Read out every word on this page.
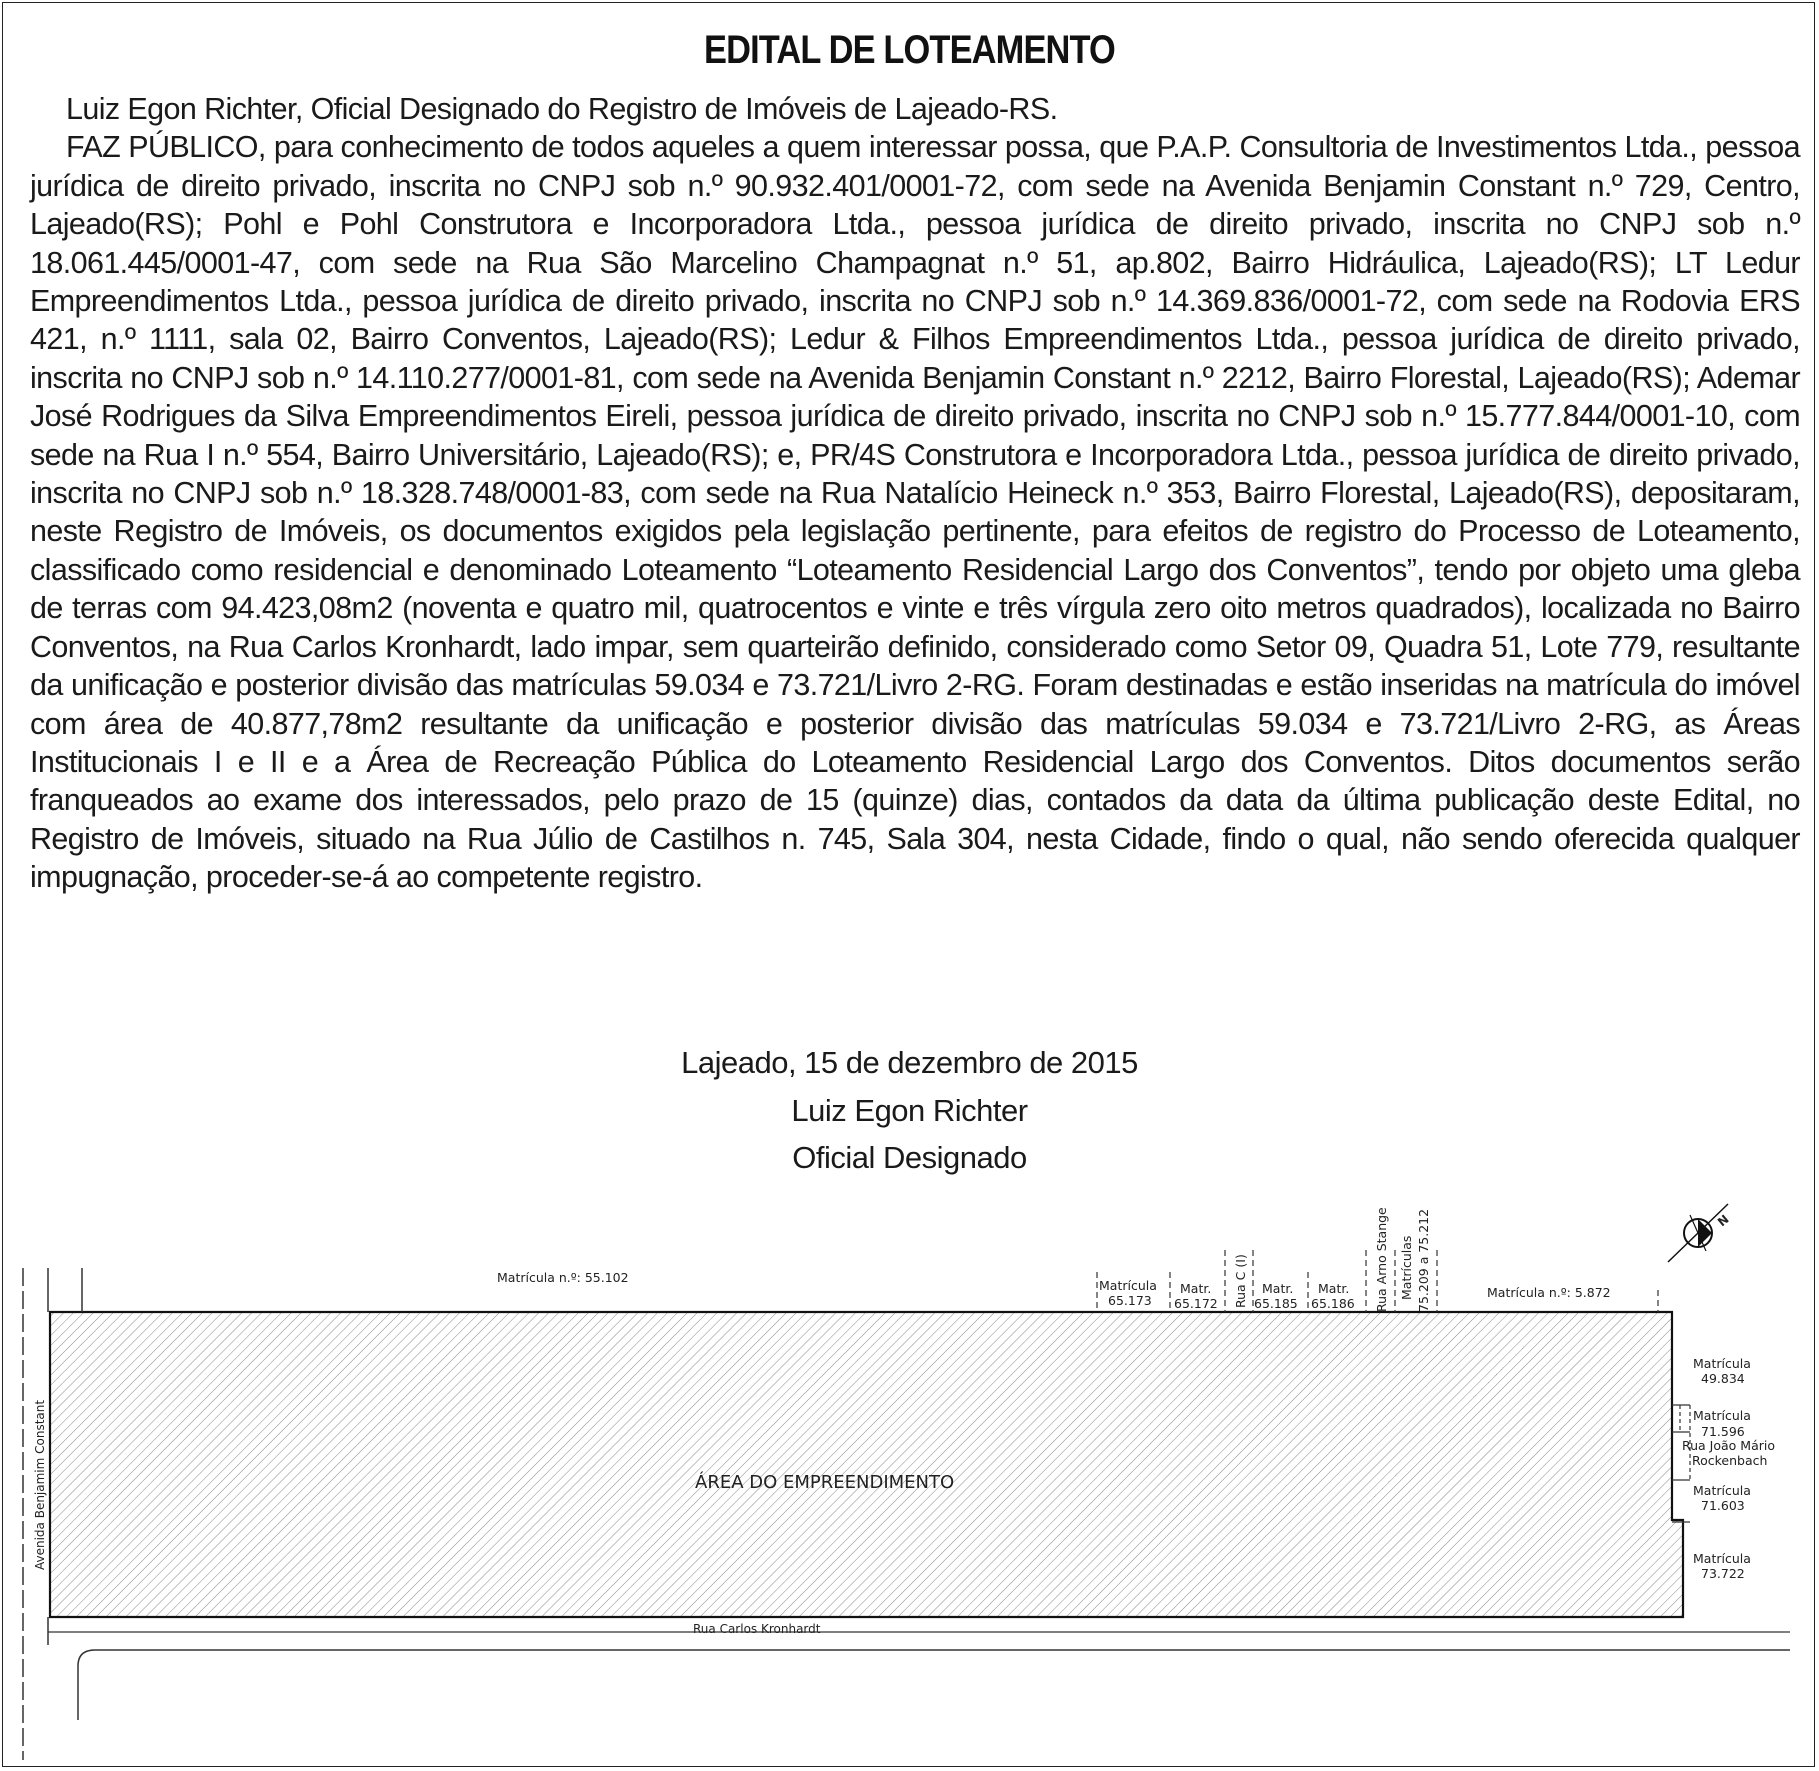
EDITAL DE LOTEAMENTO

Luiz Egon Richter, Oficial Designado do Registro de Imóveis de Lajeado-RS.

FAZ PÚBLICO, para conhecimento de todos aqueles a quem interessar possa, que P.A.P. Consultoria de Investimentos Ltda., pessoa jurídica de direito privado, inscrita no CNPJ sob n.º 90.932.401/0001-72, com sede na Avenida Benjamin Constant n.º 729, Centro, Lajeado(RS); Pohl e Pohl Construtora e Incorporadora Ltda., pessoa jurídica de direito privado, inscrita no CNPJ sob n.º 18.061.445/0001-47, com sede na Rua São Marcelino Champagnat n.º 51, ap.802, Bairro Hidráulica, Lajeado(RS); LT Ledur Empreendimentos Ltda., pessoa jurídica de direito privado, inscrita no CNPJ sob n.º 14.369.836/0001-72, com sede na Rodovia ERS 421, n.º 1111, sala 02, Bairro Conventos, Lajeado(RS); Ledur & Filhos Empreendimentos Ltda., pessoa jurídica de direito privado, inscrita no CNPJ sob n.º 14.110.277/0001-81, com sede na Avenida Benjamin Constant n.º 2212, Bairro Florestal, Lajeado(RS); Ademar José Rodrigues da Silva Empreendimentos Eireli, pessoa jurídica de direito privado, inscrita no CNPJ sob n.º 15.777.844/0001-10, com sede na Rua I n.º 554, Bairro Universitário, Lajeado(RS); e, PR/4S Construtora e Incorporadora Ltda., pessoa jurídica de direito privado, inscrita no CNPJ sob n.º 18.328.748/0001-83, com sede na Rua Natalício Heineck n.º 353, Bairro Florestal, Lajeado(RS), depositaram, neste Registro de Imóveis, os documentos exigidos pela legislação pertinente, para efeitos de registro do Processo de Loteamento, classificado como residencial e denominado Loteamento “Loteamento Residencial Largo dos Conventos”, tendo por objeto uma gleba de terras com 94.423,08m2 (noventa e quatro mil, quatrocentos e vinte e três vírgula zero oito metros quadrados), localizada no Bairro Conventos, na Rua Carlos Kronhardt, lado impar, sem quarteirão definido, considerado como Setor 09, Quadra 51, Lote 779, resultante da unificação e posterior divisão das matrículas 59.034 e 73.721/Livro 2-RG. Foram destinadas e estão inseridas na matrícula do imóvel com área de 40.877,78m2 resultante da unificação e posterior divisão das matrículas 59.034 e 73.721/Livro 2-RG, as Áreas Institucionais I e II e a Área de Recreação Pública do Loteamento Residencial Largo dos Conventos. Ditos documentos serão franqueados ao exame dos interessados, pelo prazo de 15 (quinze) dias, contados da data da última publicação deste Edital, no Registro de Imóveis, situado na Rua Júlio de Castilhos n. 745, Sala 304, nesta Cidade, findo o qual, não sendo oferecida qualquer impugnação, proceder-se-á ao competente registro.

Lajeado, 15 de dezembro de 2015
Luiz Egon Richter
Oficial Designado
N
ÁREA DO EMPREENDIMENTO
Avenida Benjamim Constant
Rua Carlos Kronhardt
Matrícula n.º: 55.102
Matrícula n.º: 5.872
Matrícula
65.173
Matr.
65.172 Rua C (I) Matr.
65.185
Matr.
65.186 Rua Arno Stange Matrículas 75.209 a 75.212
Matrícula
49.834
Matrícula
71.596
Rua João Mário
Rockenbach
Matrícula
71.603
Matrícula
73.722
